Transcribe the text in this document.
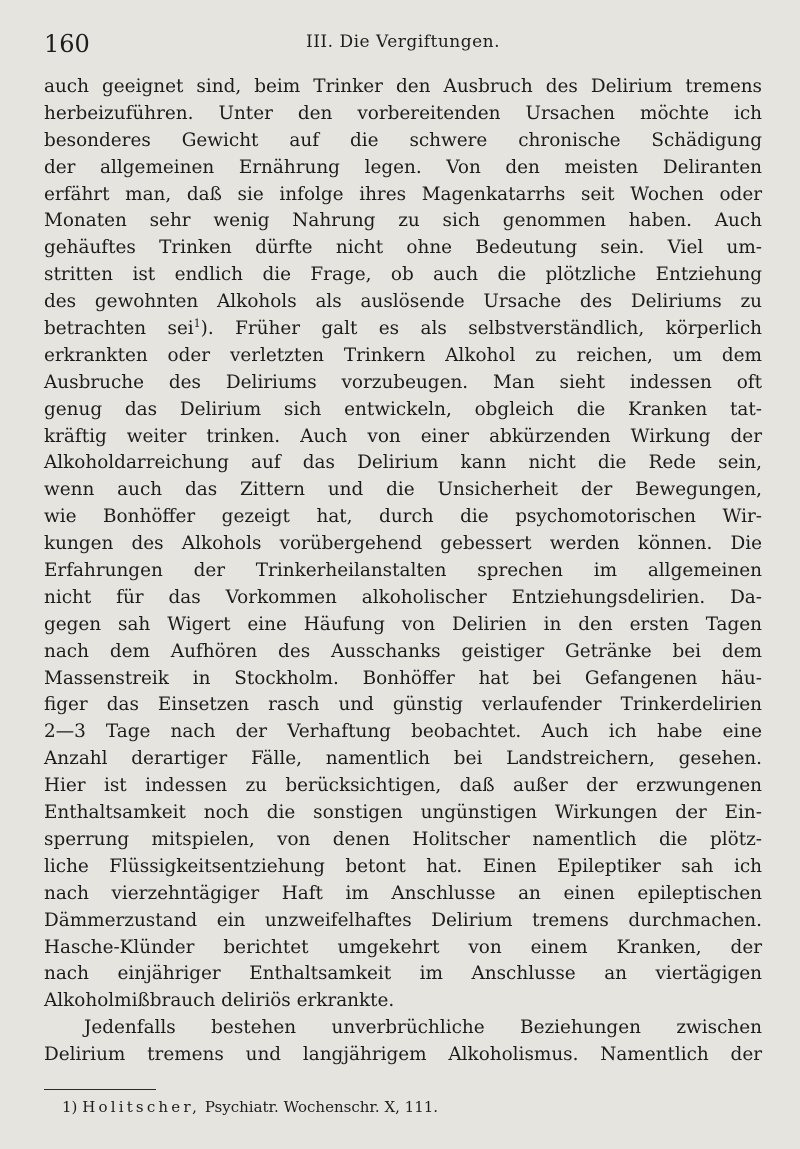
160	III. Die Vergiftungen.
auch geeignet sind, beim Trinker den Ausbruch des Delirium tremens
herbeizuführen. Unter den vorbereitenden Ursachen möchte ich
besonderes Gewicht auf die schwere chronische Schädigung
der allgemeinen Ernährung legen. Von den meisten Deliranten
erfährt man, daß sie infolge ihres Magenkatarrhs seit Wochen oder
Monaten sehr wenig Nahrung zu sich genommen haben. Auch
gehäuftes Trinken dürfte nicht ohne Bedeutung sein. Viel um-
stritten ist endlich die Frage, ob auch die plötzliche Entziehung
des gewohnten Alkohols als auslösende Ursache des Deliriums zu
betrachten sei$^1$). Früher galt es als selbstverständlich, körperlich
erkrankten oder verletzten Trinkern Alkohol zu reichen, um dem
Ausbruche des Deliriums vorzubeugen. Man sieht indessen oft
genug das Delirium sich entwickeln, obgleich die Kranken tat-
kräftig weiter trinken. Auch von einer abkürzenden Wirkung der
Alkoholdarreichung auf das Delirium kann nicht die Rede sein,
wenn auch das Zittern und die Unsicherheit der Bewegungen,
wie Bonhöffer gezeigt hat, durch die psychomotorischen Wir-
kungen des Alkohols vorübergehend gebessert werden können. Die
Erfahrungen der Trinkerheilanstalten sprechen im allgemeinen
nicht für das Vorkommen alkoholischer Entziehungsdelirien. Da-
gegen sah Wigert eine Häufung von Delirien in den ersten Tagen
nach dem Aufhören des Ausschanks geistiger Getränke bei dem
Massenstreik in Stockholm. Bonhöffer hat bei Gefangenen häu-
figer das Einsetzen rasch und günstig verlaufender Trinkerdelirien
2—3 Tage nach der Verhaftung beobachtet. Auch ich habe eine
Anzahl derartiger Fälle, namentlich bei Landstreichern, gesehen.
Hier ist indessen zu berücksichtigen, daß außer der erzwungenen
Enthaltsamkeit noch die sonstigen ungünstigen Wirkungen der Ein-
sperrung mitspielen, von denen Holitscher namentlich die plötz-
liche Flüssigkeitsentziehung betont hat. Einen Epileptiker sah ich
nach vierzehntägiger Haft im Anschlusse an einen epileptischen
Dämmerzustand ein unzweifelhaftes Delirium tremens durchmachen.
Hasche-Klünder berichtet umgekehrt von einem Kranken, der
nach einjähriger Enthaltsamkeit im Anschlusse an viertägigen
Alkoholmißbrauch deliriös erkrankte.
Jedenfalls bestehen unverbrüchliche Beziehungen zwischen
Delirium tremens und langjährigem Alkoholismus. Namentlich der
1) Holitscher, Psychiatr. Wochenschr. X, 111.
